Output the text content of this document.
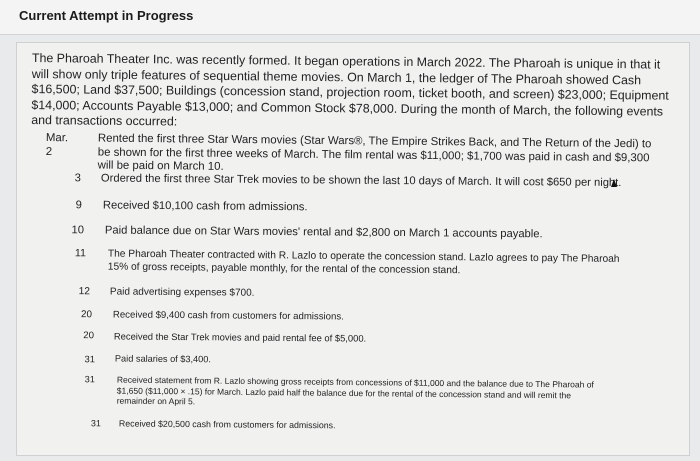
Current Attempt in Progress
The Pharoah Theater Inc. was recently formed. It began operations in March 2022. The Pharoah is unique in that it will show only triple features of sequential theme movies. On March 1, the ledger of The Pharoah showed Cash $16,500; Land $37,500; Buildings (concession stand, projection room, ticket booth, and screen) $23,000; Equipment $14,000; Accounts Payable $13,000; and Common Stock $78,000. During the month of March, the following events and transactions occurred:
Mar. 2
Rented the first three Star Wars movies (Star Wars®, The Empire Strikes Back, and The Return of the Jedi) to be shown for the first three weeks of March. The film rental was $11,000; $1,700 was paid in cash and $9,300 will be paid on March 10.
3 Ordered the first three Star Trek movies to be shown the last 10 days of March. It will cost $650 per night.
9 Received $10,100 cash from admissions.
10 Paid balance due on Star Wars movies' rental and $2,800 on March 1 accounts payable.
11 The Pharoah Theater contracted with R. Lazlo to operate the concession stand. Lazlo agrees to pay The Pharoah 15% of gross receipts, payable monthly, for the rental of the concession stand.
12 Paid advertising expenses $700.
20 Received $9,400 cash from customers for admissions.
20 Received the Star Trek movies and paid rental fee of $5,000.
31 Paid salaries of $3,400.
31	Received statement from R. Lazlo showing gross receipts from concessions of $11,000 and the balance due to The Pharoah of $1,650 ($11,000 × .15) for March. Lazlo paid half the balance due for the rental of the concession stand and will remit the remainder on April 5.
31 Received $20,500 cash from customers for admissions.
